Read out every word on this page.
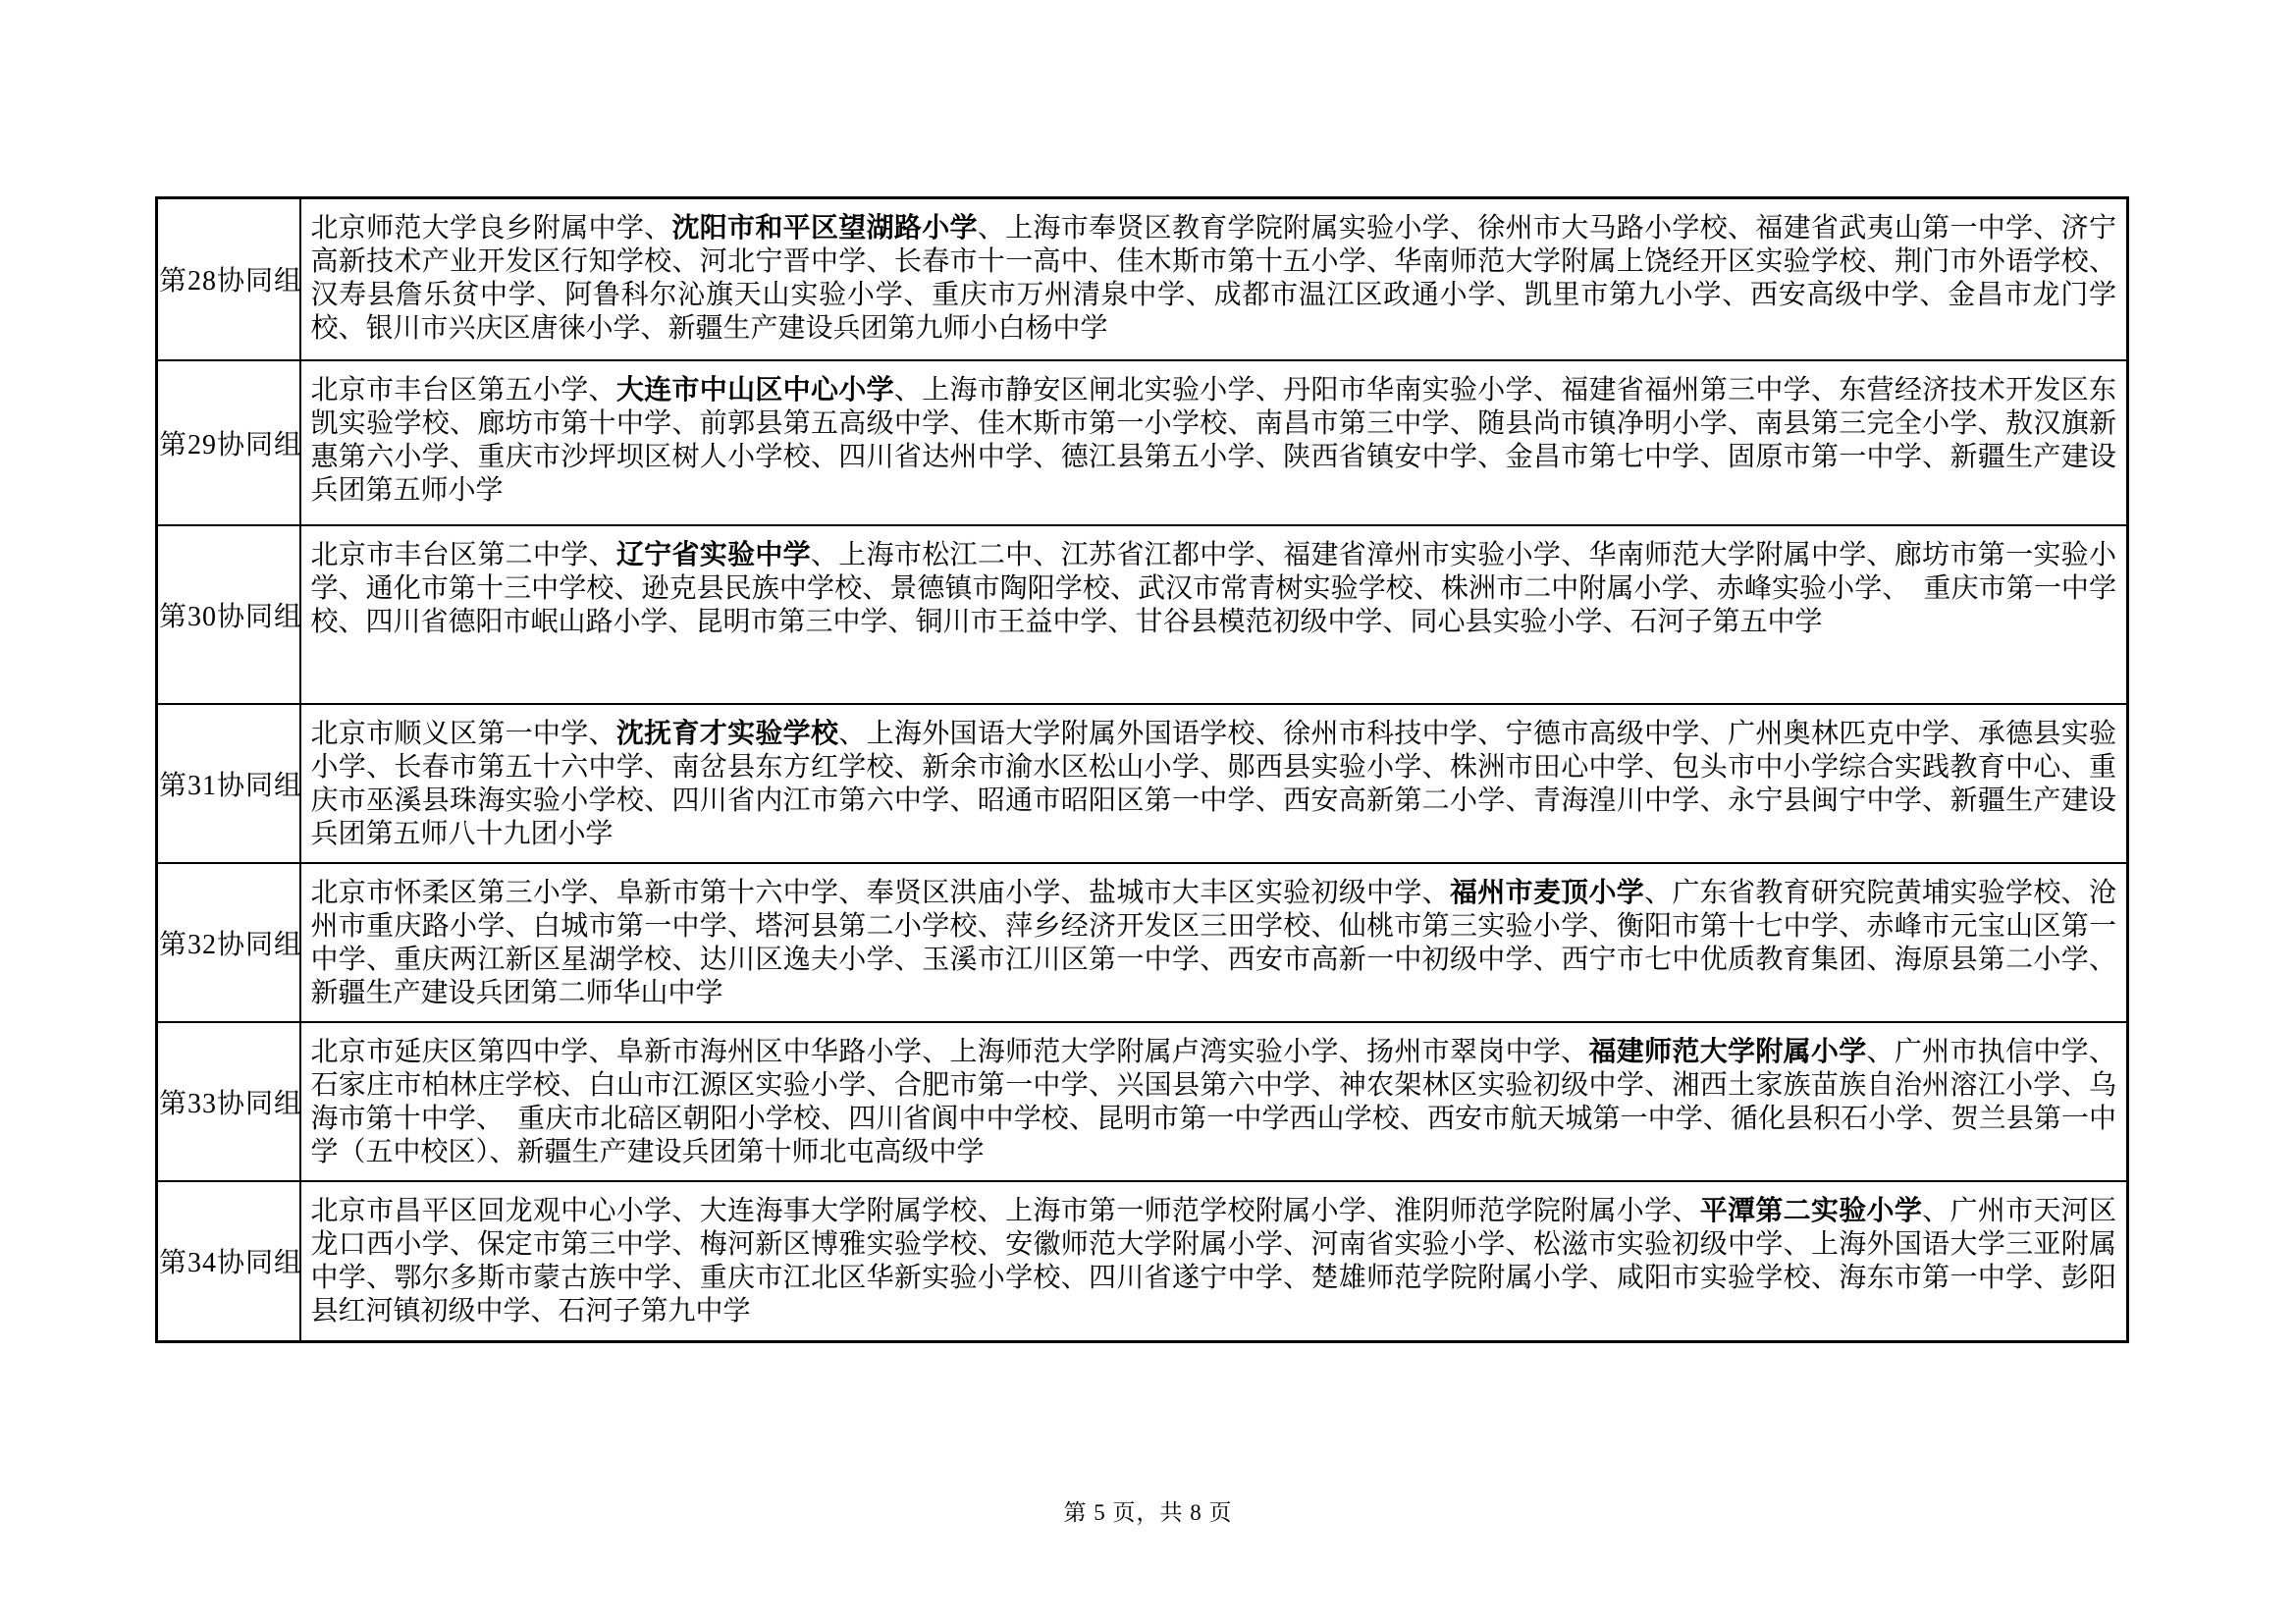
第28协同组	北京师范大学良乡附属中学、沈阳市和平区望湖路小学、上海市奉贤区教育学院附属实验小学、徐州市大马路小学校、福建省武夷山第一中学、济宁高新技术产业开发区行知学校、河北宁晋中学、长春市十一高中、佳木斯市第十五小学、华南师范大学附属上饶经开区实验学校、荆门市外语学校、汉寿县詹乐贫中学、阿鲁科尔沁旗天山实验小学、重庆市万州清泉中学、成都市温江区政通小学、凯里市第九小学、西安高级中学、金昌市龙门学校、银川市兴庆区唐徕小学、新疆生产建设兵团第九师小白杨中学
第29协同组	北京市丰台区第五小学、大连市中山区中心小学、上海市静安区闸北实验小学、丹阳市华南实验小学、福建省福州第三中学、东营经济技术开发区东凯实验学校、廊坊市第十中学、前郭县第五高级中学、佳木斯市第一小学校、南昌市第三中学、随县尚市镇净明小学、南县第三完全小学、敖汉旗新惠第六小学、重庆市沙坪坝区树人小学校、四川省达州中学、德江县第五小学、陕西省镇安中学、金昌市第七中学、固原市第一中学、新疆生产建设兵团第五师小学
第30协同组	北京市丰台区第二中学、辽宁省实验中学、上海市松江二中、江苏省江都中学、福建省漳州市实验小学、华南师范大学附属中学、廊坊市第一实验小学、通化市第十三中学校、逊克县民族中学校、景德镇市陶阳学校、武汉市常青树实验学校、株洲市二中附属小学、赤峰实验小学、　重庆市第一中学校、四川省德阳市岷山路小学、昆明市第三中学、铜川市王益中学、甘谷县模范初级中学、同心县实验小学、石河子第五中学
第31协同组	北京市顺义区第一中学、沈抚育才实验学校、上海外国语大学附属外国语学校、徐州市科技中学、宁德市高级中学、广州奥林匹克中学、承德县实验小学、长春市第五十六中学、南岔县东方红学校、新余市渝水区松山小学、郧西县实验小学、株洲市田心中学、包头市中小学综合实践教育中心、重庆市巫溪县珠海实验小学校、四川省内江市第六中学、昭通市昭阳区第一中学、西安高新第二小学、青海湟川中学、永宁县闽宁中学、新疆生产建设兵团第五师八十九团小学
第32协同组	北京市怀柔区第三小学、阜新市第十六中学、奉贤区洪庙小学、盐城市大丰区实验初级中学、福州市麦顶小学、广东省教育研究院黄埔实验学校、沧州市重庆路小学、白城市第一中学、塔河县第二小学校、萍乡经济开发区三田学校、仙桃市第三实验小学、衡阳市第十七中学、赤峰市元宝山区第一中学、重庆两江新区星湖学校、达川区逸夫小学、玉溪市江川区第一中学、西安市高新一中初级中学、西宁市七中优质教育集团、海原县第二小学、新疆生产建设兵团第二师华山中学
第33协同组	北京市延庆区第四中学、阜新市海州区中华路小学、上海师范大学附属卢湾实验小学、扬州市翠岗中学、福建师范大学附属小学、广州市执信中学、石家庄市柏林庄学校、白山市江源区实验小学、合肥市第一中学、兴国县第六中学、神农架林区实验初级中学、湘西土家族苗族自治州溶江小学、乌海市第十中学、　重庆市北碚区朝阳小学校、四川省阆中中学校、昆明市第一中学西山学校、西安市航天城第一中学、循化县积石小学、贺兰县第一中学（五中校区）、新疆生产建设兵团第十师北屯高级中学
第34协同组	北京市昌平区回龙观中心小学、大连海事大学附属学校、上海市第一师范学校附属小学、淮阴师范学院附属小学、平潭第二实验小学、广州市天河区龙口西小学、保定市第三中学、梅河新区博雅实验学校、安徽师范大学附属小学、河南省实验小学、松滋市实验初级中学、上海外国语大学三亚附属中学、鄂尔多斯市蒙古族中学、重庆市江北区华新实验小学校、四川省遂宁中学、楚雄师范学院附属小学、咸阳市实验学校、海东市第一中学、彭阳县红河镇初级中学、石河子第九中学
第 5 页，共 8 页
